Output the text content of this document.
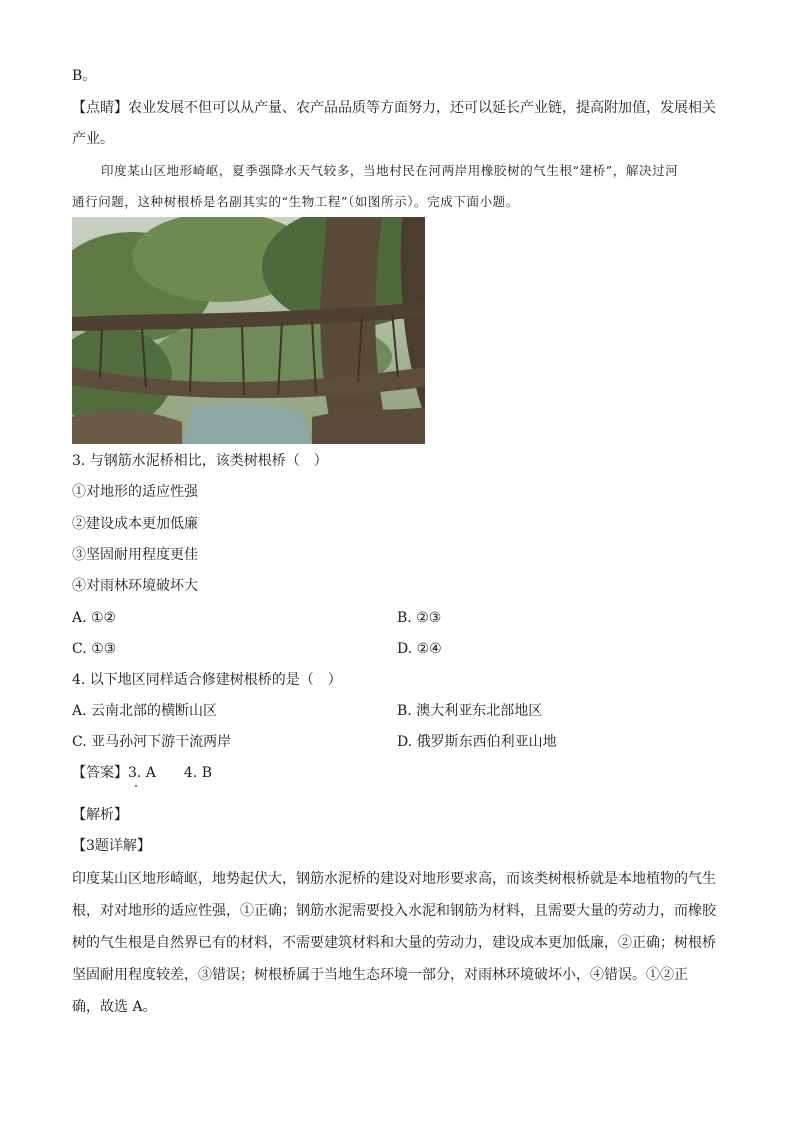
B。
【点睛】农业发展不但可以从产量、农产品品质等方面努力，还可以延长产业链，提高附加值，发展相关
产业。
印度某山区地形崎岖，夏季强降水天气较多，当地村民在河两岸用橡胶树的气生根“建桥”，解决过河
通行问题，这种树根桥是名副其实的“生物工程”（如图所示）。完成下面小题。
3. 与钢筋水泥桥相比，该类树根桥（　）
①对地形的适应性强
②建设成本更加低廉
③坚固耐用程度更佳
④对雨林环境破坏大
A. ①②	B. ②③
C. ①③	D. ②④
4. 以下地区同样适合修建树根桥的是（　）
A. 云南北部的横断山区	B. 澳大利亚东北部地区
C. 亚马孙河下游干流两岸	D. 俄罗斯东西伯利亚山地
【答案】3. A　　4. B
【解析】
【3题详解】
印度某山区地形崎岖，地势起伏大，钢筋水泥桥的建设对地形要求高，而该类树根桥就是本地植物的气生
根，对对地形的适应性强，①正确；钢筋水泥需要投入水泥和钢筋为材料，且需要大量的劳动力，而橡胶
树的气生根是自然界已有的材料，不需要建筑材料和大量的劳动力，建设成本更加低廉，②正确；树根桥
坚固耐用程度较差，③错误；树根桥属于当地生态环境一部分，对雨林环境破坏小，④错误。①②正
确，故选 A。
